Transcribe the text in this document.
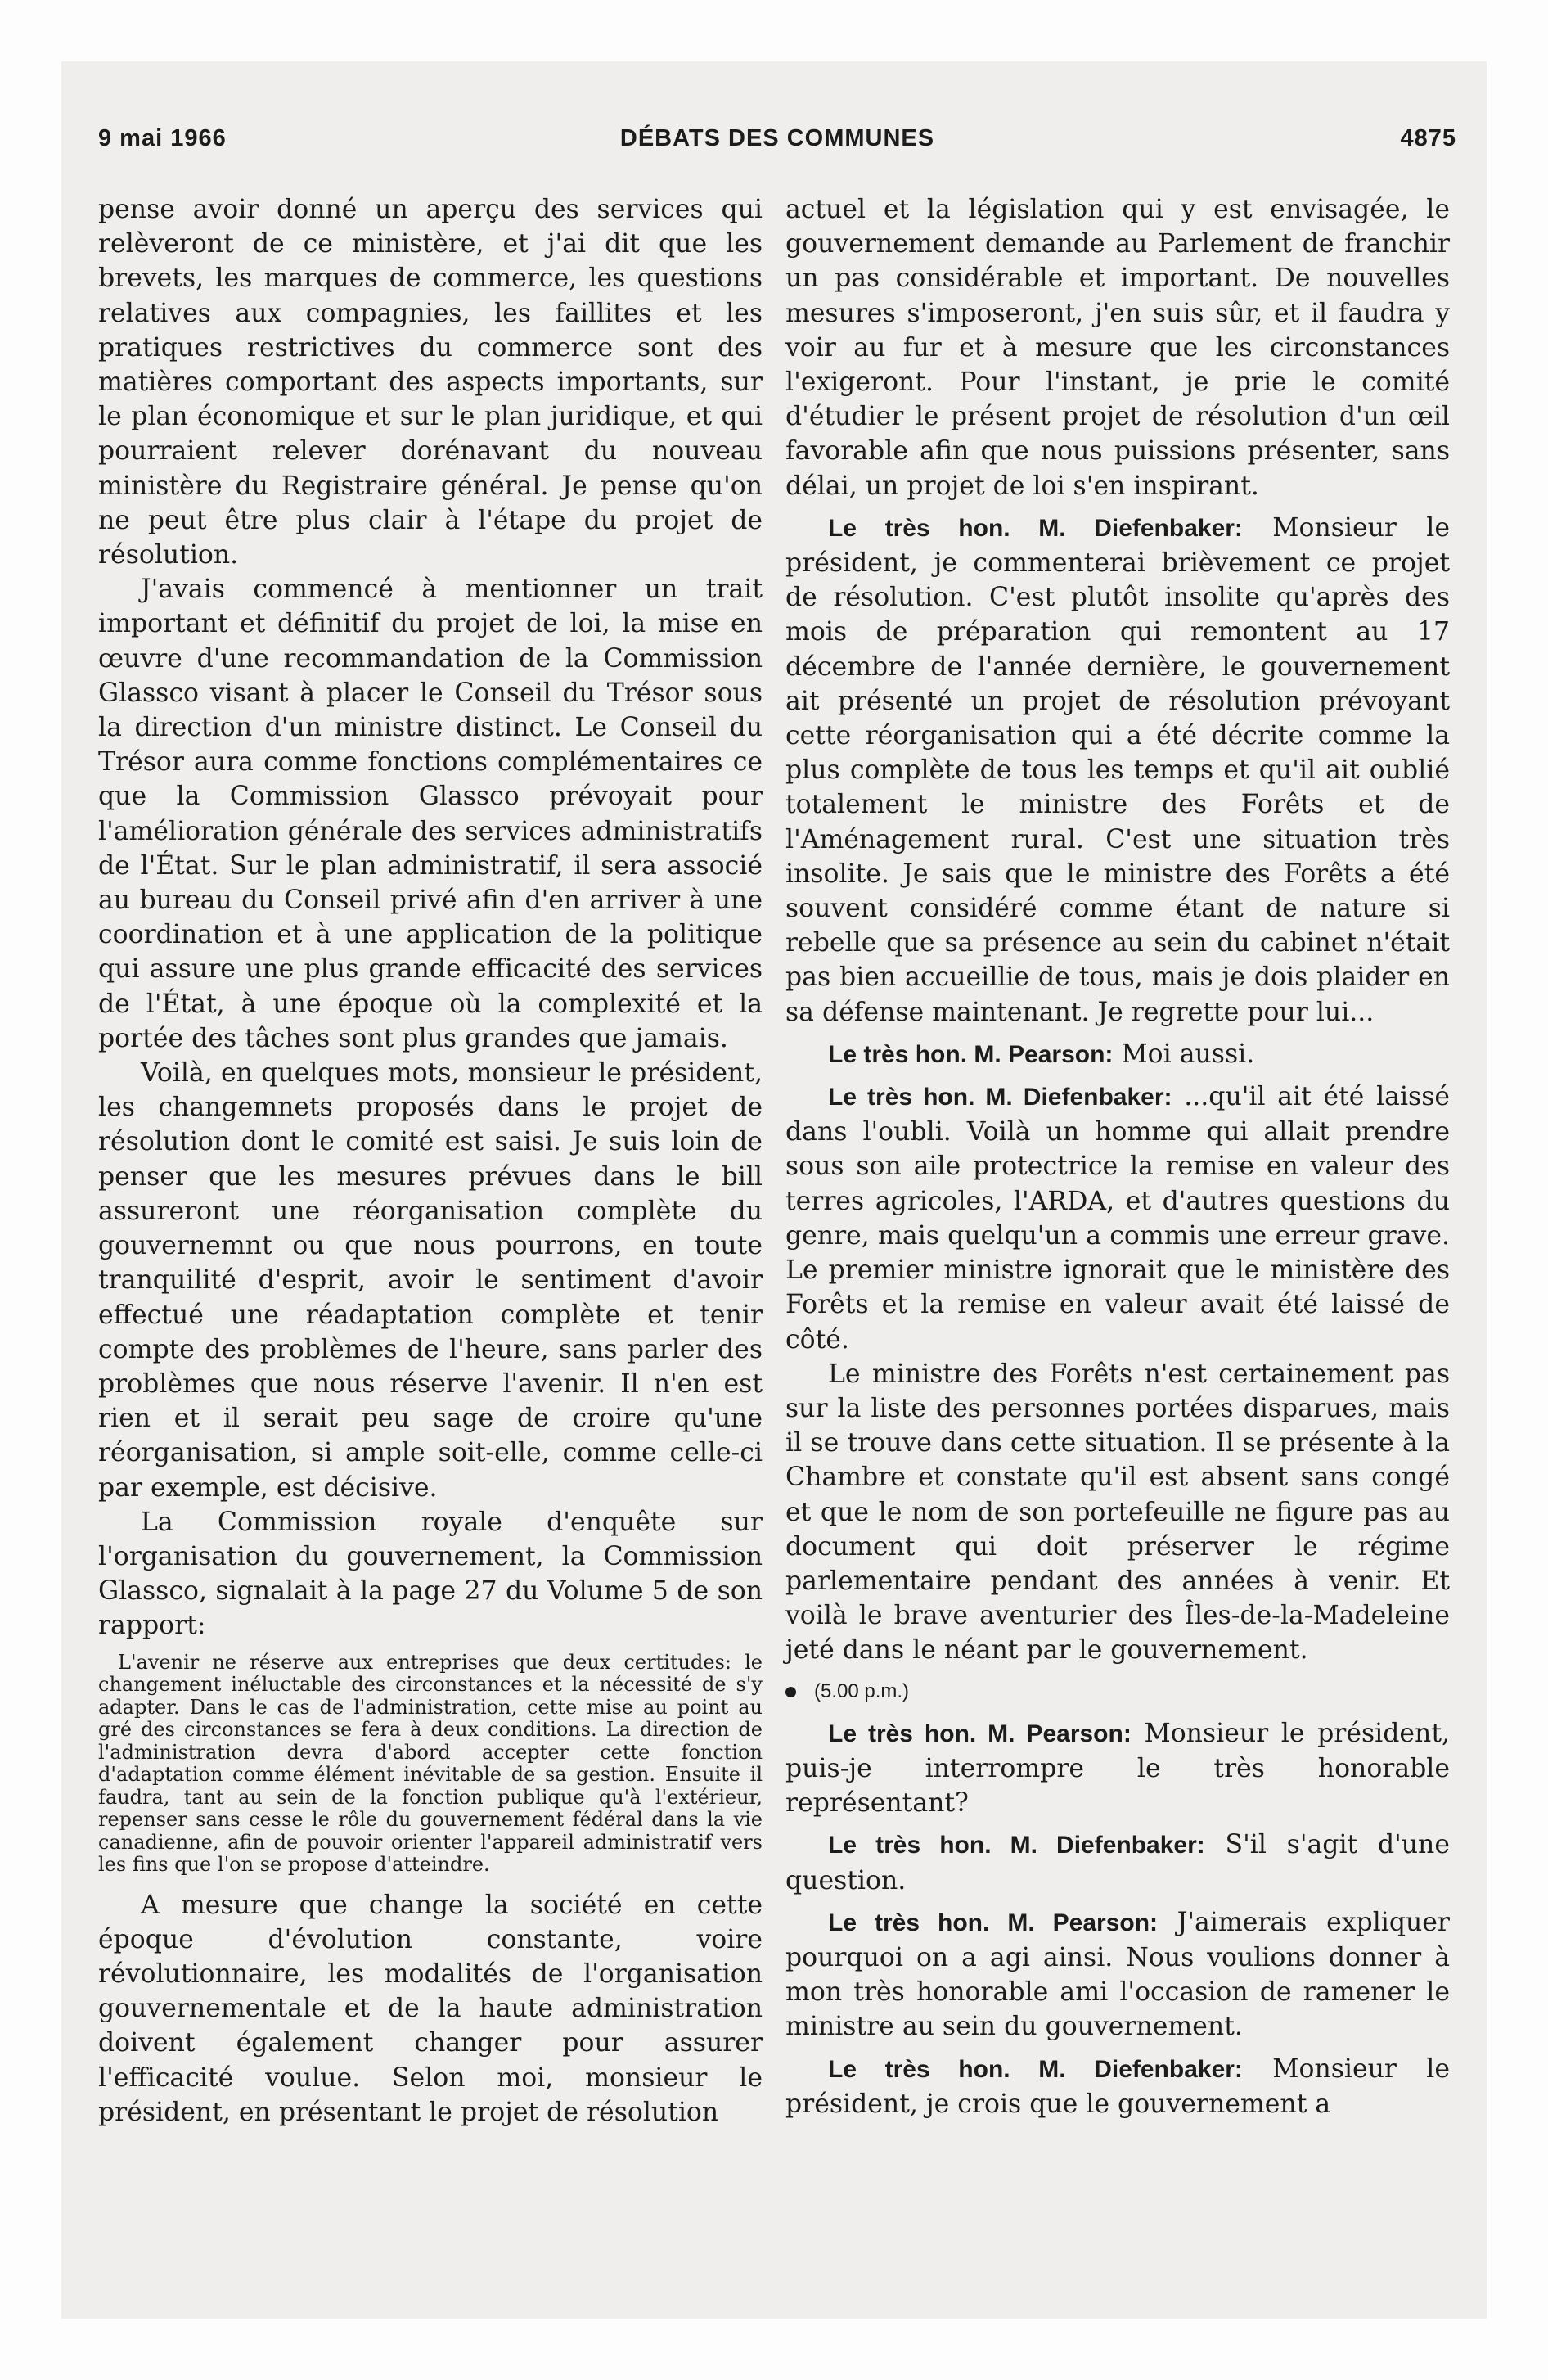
9 mai 1966	DÉBATS DES COMMUNES	4875

pense avoir donné un aperçu des services qui relèveront de ce ministère, et j'ai dit que les brevets, les marques de commerce, les questions relatives aux compagnies, les faillites et les pratiques restrictives du commerce sont des matières comportant des aspects importants, sur le plan économique et sur le plan juridique, et qui pourraient relever dorénavant du nouveau ministère du Registraire général. Je pense qu'on ne peut être plus clair à l'étape du projet de résolution.

J'avais commencé à mentionner un trait important et définitif du projet de loi, la mise en œuvre d'une recommandation de la Commission Glassco visant à placer le Conseil du Trésor sous la direction d'un ministre distinct. Le Conseil du Trésor aura comme fonctions complémentaires ce que la Commission Glassco prévoyait pour l'amélioration générale des services administratifs de l'État. Sur le plan administratif, il sera associé au bureau du Conseil privé afin d'en arriver à une coordination et à une application de la politique qui assure une plus grande efficacité des services de l'État, à une époque où la complexité et la portée des tâches sont plus grandes que jamais.

Voilà, en quelques mots, monsieur le président, les changemnets proposés dans le projet de résolution dont le comité est saisi. Je suis loin de penser que les mesures prévues dans le bill assureront une réorganisation complète du gouvernemnt ou que nous pourrons, en toute tranquilité d'esprit, avoir le sentiment d'avoir effectué une réadaptation complète et tenir compte des problèmes de l'heure, sans parler des problèmes que nous réserve l'avenir. Il n'en est rien et il serait peu sage de croire qu'une réorganisation, si ample soit-elle, comme celle-ci par exemple, est décisive.

La Commission royale d'enquête sur l'organisation du gouvernement, la Commission Glassco, signalait à la page 27 du Volume 5 de son rapport:

L'avenir ne réserve aux entreprises que deux certitudes: le changement inéluctable des circonstances et la nécessité de s'y adapter. Dans le cas de l'administration, cette mise au point au gré des circonstances se fera à deux conditions. La direction de l'administration devra d'abord accepter cette fonction d'adaptation comme élément inévitable de sa gestion. Ensuite il faudra, tant au sein de la fonction publique qu'à l'extérieur, repenser sans cesse le rôle du gouvernement fédéral dans la vie canadienne, afin de pouvoir orienter l'appareil administratif vers les fins que l'on se propose d'atteindre.

A mesure que change la société en cette époque d'évolution constante, voire révolutionnaire, les modalités de l'organisation gouvernementale et de la haute administration doivent également changer pour assurer l'efficacité voulue. Selon moi, monsieur le président, en présentant le projet de résolution

actuel et la législation qui y est envisagée, le gouvernement demande au Parlement de franchir un pas considérable et important. De nouvelles mesures s'imposeront, j'en suis sûr, et il faudra y voir au fur et à mesure que les circonstances l'exigeront. Pour l'instant, je prie le comité d'étudier le présent projet de résolution d'un œil favorable afin que nous puissions présenter, sans délai, un projet de loi s'en inspirant.

Le très hon. M. Diefenbaker: Monsieur le président, je commenterai brièvement ce projet de résolution. C'est plutôt insolite qu'après des mois de préparation qui remontent au 17 décembre de l'année dernière, le gouvernement ait présenté un projet de résolution prévoyant cette réorganisation qui a été décrite comme la plus complète de tous les temps et qu'il ait oublié totalement le ministre des Forêts et de l'Aménagement rural. C'est une situation très insolite. Je sais que le ministre des Forêts a été souvent considéré comme étant de nature si rebelle que sa présence au sein du cabinet n'était pas bien accueillie de tous, mais je dois plaider en sa défense maintenant. Je regrette pour lui...

Le très hon. M. Pearson: Moi aussi.

Le très hon. M. Diefenbaker: ...qu'il ait été laissé dans l'oubli. Voilà un homme qui allait prendre sous son aile protectrice la remise en valeur des terres agricoles, l'ARDA, et d'autres questions du genre, mais quelqu'un a commis une erreur grave. Le premier ministre ignorait que le ministère des Forêts et la remise en valeur avait été laissé de côté.

Le ministre des Forêts n'est certainement pas sur la liste des personnes portées disparues, mais il se trouve dans cette situation. Il se présente à la Chambre et constate qu'il est absent sans congé et que le nom de son portefeuille ne figure pas au document qui doit préserver le régime parlementaire pendant des années à venir. Et voilà le brave aventurier des Îles-de-la-Madeleine jeté dans le néant par le gouvernement.

(5.00 p.m.)

Le très hon. M. Pearson: Monsieur le président, puis-je interrompre le très honorable représentant?

Le très hon. M. Diefenbaker: S'il s'agit d'une question.

Le très hon. M. Pearson: J'aimerais expliquer pourquoi on a agi ainsi. Nous voulions donner à mon très honorable ami l'occasion de ramener le ministre au sein du gouvernement.

Le très hon. M. Diefenbaker: Monsieur le président, je crois que le gouvernement a
